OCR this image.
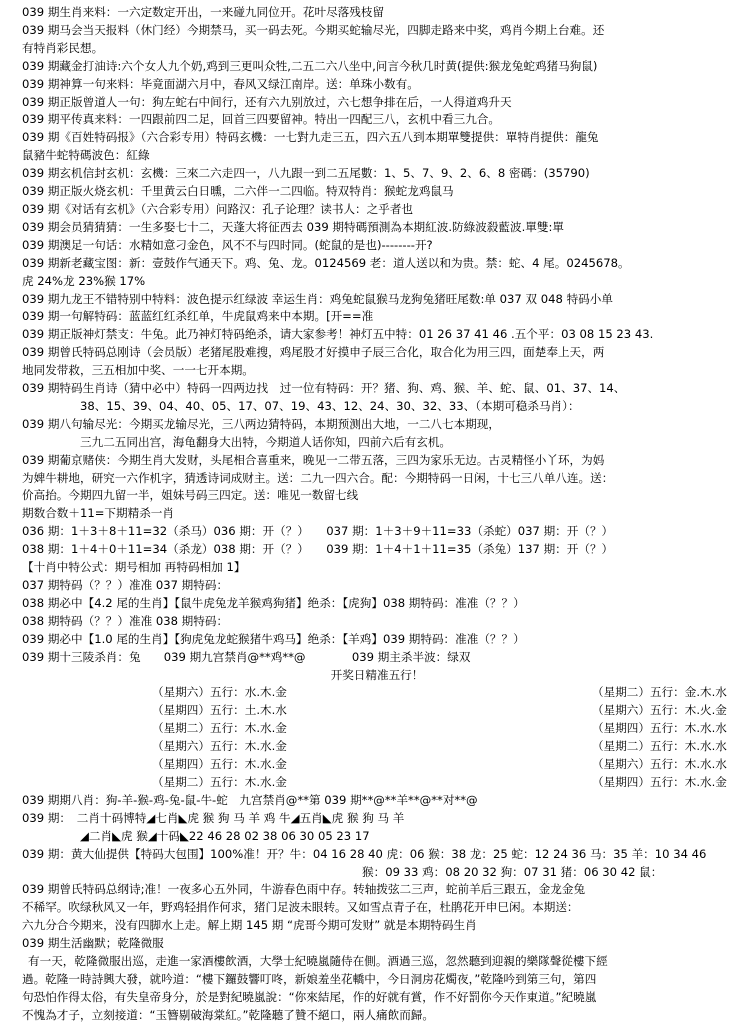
039 期生肖来料：一六定数定开出，一来碰九同位开。花叶尽落残枝留
039 期马会当天报料（休门经）今期禁马，买一码去死。今期买蛇输尽光，四脚走路来中奖，鸡肖今期上台难。还
有特肖彩民想。
039 期藏金打油诗:六个女人九个奶,鸡到三更叫众牲,二五二六八坐中,问言今秋几时黄(提供:猴龙兔蛇鸡猪马狗鼠)
039 期神算一句来料：毕竟面湖六月中，春风又绿江南岸。送：单珠小数有。
039 期正版曾道人一句：狗左蛇右中间行，还有六九别放过，六七想争排在后，一人得道鸡升天
039 期平传真来料：一四跟前四二足，回首三四要留神。特出一四配三八，玄机中看三九合。
039 期《百姓特码报》（六合彩专用）特码玄機：一七對九走三五，四六五八到本期單雙提供：單特肖提供：龍兔
鼠豬牛蛇特碼波色：紅綠
039 期玄机信封玄机：玄機：三來二六走四一，八九跟一到二五尾數：1、5、7、9、2、6、8 密碼：(35790)
039 期正版火烧玄机：千里黄云白日曛，二六伴一二四临。特双特肖：猴蛇龙鸡鼠马
039 期《对话有玄机》（六合彩专用）问路汉：孔子论理？读书人：之乎者也
039 期会员猜猜猜：一生多娶七十二，天蓬大将征西去 039 期特碼預測為本期紅波.防綠波殺藍波.單雙:單
039 期澳足一句话：水精如意刁金色，风不不与四时同。(蛇鼠的是也)--------开?
039 期新老藏宝图：新：壹鼓作气通天下。鸡、兔、龙。0124569 老：道人送以和为贵。禁：蛇、4 尾。0245678。
虎 24%龙 23%猴 17%
039 期九龙王不错特别中特料：波色提示红绿波 幸运生肖：鸡兔蛇鼠猴马龙狗兔猪旺尾数:单 037 双 048 特码小单
039 期一句解特码：蓝蓝红红杀红单，牛虎鼠鸡来中本期。[开==准
039 期正版神灯禁支：牛兔。此乃神灯特码绝杀，请大家参考！神灯五中特：01 26 37 41 46 .五个平：03 08 15 23 43.
039 期曾氏特码总刚诗（会员版）老猪尾股难搜，鸡尾股才好摸申子辰三合化，取合化为用三四，面楚奉上天，两
地同发带救，三五相加中奖、一一七开本期。
039 期特码生肖诗（猜中必中）特码一四两边找　过一位有特码：开？猪、狗、鸡、猴、羊、蛇、鼠、01、37、14、
38、15、39、04、40、05、17、07、19、43、12、24、30、32、33、（本期可稳杀马肖）：
039 期八句输尽光：今期买龙输尽光，三八两边猜特码，本期预测出大地，一二八七本期现，
三九二五同出宫，海龟翻身大出特，今期道人话你知，四前六后有玄机。
039 期葡京赌侠：今期生肖大发财，头尾相合喜重来，晚见一二带五落，三四为家乐无边。古灵精怪小丫环，为妈
为婢牛耕地，研究一六作机字，猜透诗词成财主。送：二九一四六合。配：今期特码一日闲，十七三八单八连。送：
价高抬。今期四九留一半，姐妹号码三四定。送：唯见一数留七线
期数合数＋11=下期精杀一肖
036 期：1＋3＋8＋11=32（杀马）036 期：开（？）　　037 期：1＋3＋9＋11=33（杀蛇）037 期：开（？）
038 期：1＋4＋0＋11=34（杀龙）038 期：开（？）　　039 期：1＋4＋1＋11=35（杀兔）137 期：开（？）
【十肖中特公式：期号相加 再特码相加 1】
037 期特码（？？）准准 037 期特码：
038 期必中【4.2 尾的生肖】【鼠牛虎兔龙羊猴鸡狗猪】绝杀：【虎狗】038 期特码：准准（？？）
038 期特码（？？）准准 038 期特码：
039 期必中【1.0 尾的生肖】【狗虎兔龙蛇猴猪牛鸡马】绝杀：【羊鸡】039 期特码：准准（？？）
039 期十三陵杀肖：兔　　039 期九宫禁肖@**鸡**@　　　　039 期主杀半波：绿双
开奖日精准五行！
（星期六）五行：水.木.金	（星期二）五行：金.木.水
（星期四）五行：土.木.水	（星期六）五行：木.火.金
（星期二）五行：木.水.金	（星期四）五行：木.水.水
（星期六）五行：木.水.金	（星期二）五行：木.水.水
（星期四）五行：木.水.金	（星期六）五行：木.水.水
（星期二）五行：木.水.金	（星期四）五行：木.水.金
039 期期八肖：狗-羊-猴-鸡-兔-鼠-牛-蛇　九宫禁肖@**第 039 期**@**羊**@**对**@
039 期：　二肖十码博特◢七肖◣虎 猴 狗 马 羊 鸡 牛◢五肖◣虎 猴 狗 马 羊
◢二肖◣虎 猴◢十码◣22 46 28 02 38 06 30 05 23 17
039 期：黄大仙提供【特码大包围】100%准！开？牛：04 16 28 40 虎：06 猴：38 龙：25 蛇：12 24 36 马：35 羊：10 34 46
猴：09 33 鸡：08 20 32 狗：07 31 猪：06 30 42 鼠：
039 期曾氏特码总纲诗;准！一夜多心五外同，牛游春色雨中存。转轴拨弦二三声，蛇前羊后三跟五，金龙金兔
不稀罕。吹绿秋风又一年，野鸡轻捐作何求，猪门足波未眼转。又如雪点青子在，杜鹃花开申巳闲。本期送：
六九分合今期来，没有四脚水上走。解上期 145 期 “虎哥今期可发财” 就是本期特码生肖
039 期生活幽默；乾隆微服
有一天，乾隆微服出巡，走進一家酒樓飲酒，大學士紀曉嵐隨侍在側。酒過三巡，忽然聽到迎親的樂隊聲從樓下經
過。乾隆一時詩興大發，就吟道：“樓下鑼鼓響叮咚，新娘羞坐花轎中，今日洞房花燭夜，”乾隆吟到第三句，第四
句恐怕作得太俗，有失皇帝身分，於是對紀曉嵐說：“你來結尾，作的好就有賞，作不好罰你今天作東道。”紀曉嵐
不愧為才子，立刻接道：“玉簪剔破海棠紅。”乾隆聽了贊不絕口，兩人痛飲而歸。
